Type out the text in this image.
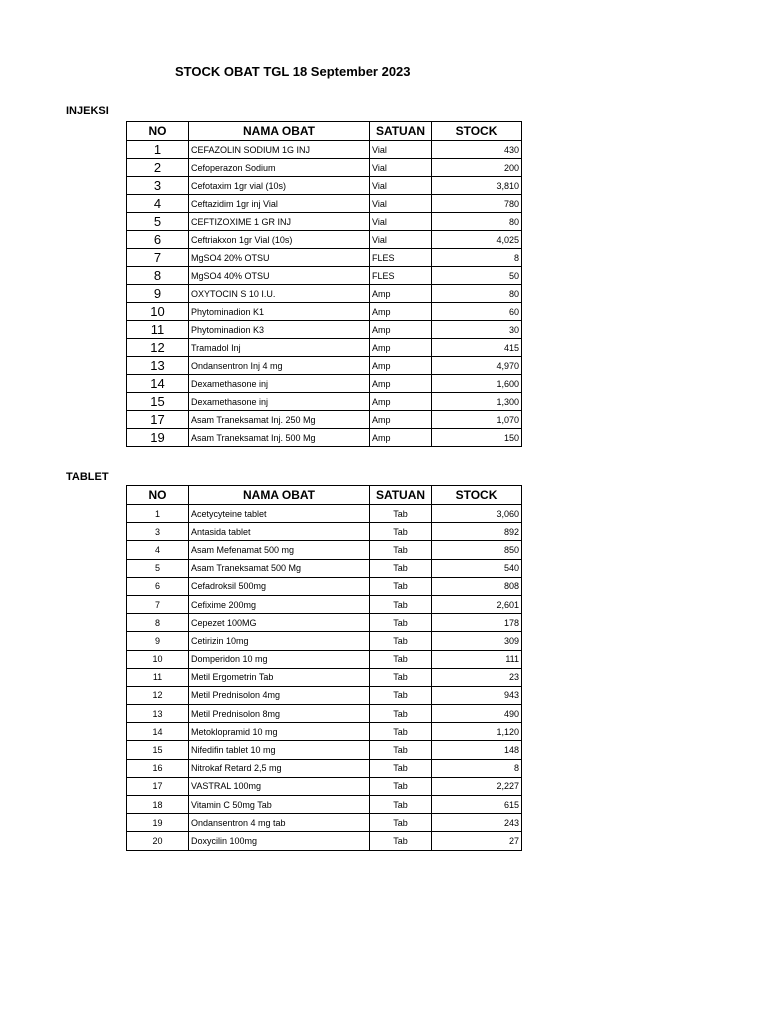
STOCK OBAT TGL 18 September 2023
INJEKSI
NO	NAMA OBAT	SATUAN	STOCK
1	CEFAZOLIN SODIUM 1G INJ	Vial	430
2	Cefoperazon Sodium	Vial	200
3	Cefotaxim 1gr vial (10s)	Vial	3,810
4	Ceftazidim 1gr inj Vial	Vial	780
5	CEFTIZOXIME 1 GR INJ	Vial	80
6	Ceftriakxon 1gr Vial (10s)	Vial	4,025
7	MgSO4 20% OTSU	FLES	8
8	MgSO4 40% OTSU	FLES	50
9	OXYTOCIN S 10 I.U.	Amp	80
10	Phytominadion K1	Amp	60
11	Phytominadion K3	Amp	30
12	Tramadol Inj	Amp	415
13	Ondansentron Inj 4 mg	Amp	4,970
14	Dexamethasone inj	Amp	1,600
15	Dexamethasone inj	Amp	1,300
17	Asam Traneksamat Inj. 250 Mg	Amp	1,070
19	Asam Traneksamat Inj. 500 Mg	Amp	150
TABLET
NO	NAMA OBAT	SATUAN	STOCK
1	Acetycyteine tablet	Tab	3,060
3	Antasida tablet	Tab	892
4	Asam Mefenamat 500 mg	Tab	850
5	Asam Traneksamat 500 Mg	Tab	540
6	Cefadroksil 500mg	Tab	808
7	Cefixime 200mg	Tab	2,601
8	Cepezet 100MG	Tab	178
9	Cetirizin 10mg	Tab	309
10	Domperidon 10 mg	Tab	111
11	Metil Ergometrin Tab	Tab	23
12	Metil Prednisolon 4mg	Tab	943
13	Metil Prednisolon 8mg	Tab	490
14	Metoklopramid 10 mg	Tab	1,120
15	Nifedifin tablet 10 mg	Tab	148
16	Nitrokaf Retard 2,5 mg	Tab	8
17	VASTRAL 100mg	Tab	2,227
18	Vitamin C 50mg Tab	Tab	615
19	Ondansentron 4 mg tab	Tab	243
20	Doxycilin 100mg	Tab	27
